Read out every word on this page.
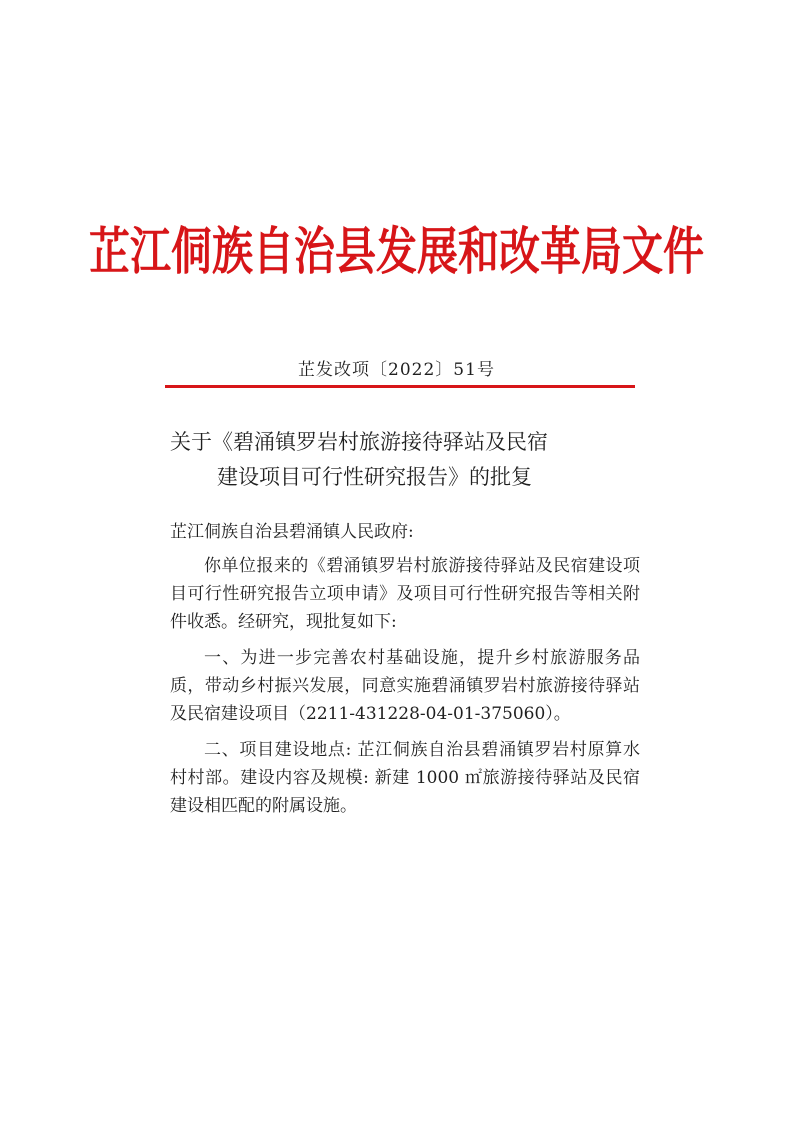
芷江侗族自治县发展和改革局文件
芷发改项〔2022〕51号
关于《碧涌镇罗岩村旅游接待驿站及民宿
建设项目可行性研究报告》的批复
芷江侗族自治县碧涌镇人民政府:
你单位报来的《碧涌镇罗岩村旅游接待驿站及民宿建设项目可行性研究报告立项申请》及项目可行性研究报告等相关附件收悉。经研究，现批复如下:
一、为进一步完善农村基础设施，提升乡村旅游服务品质，带动乡村振兴发展，同意实施碧涌镇罗岩村旅游接待驿站及民宿建设项目（2211-431228-04-01-375060）。
二、项目建设地点: 芷江侗族自治县碧涌镇罗岩村原算水村村部。建设内容及规模: 新建 1000 ㎡旅游接待驿站及民宿建设相匹配的附属设施。
